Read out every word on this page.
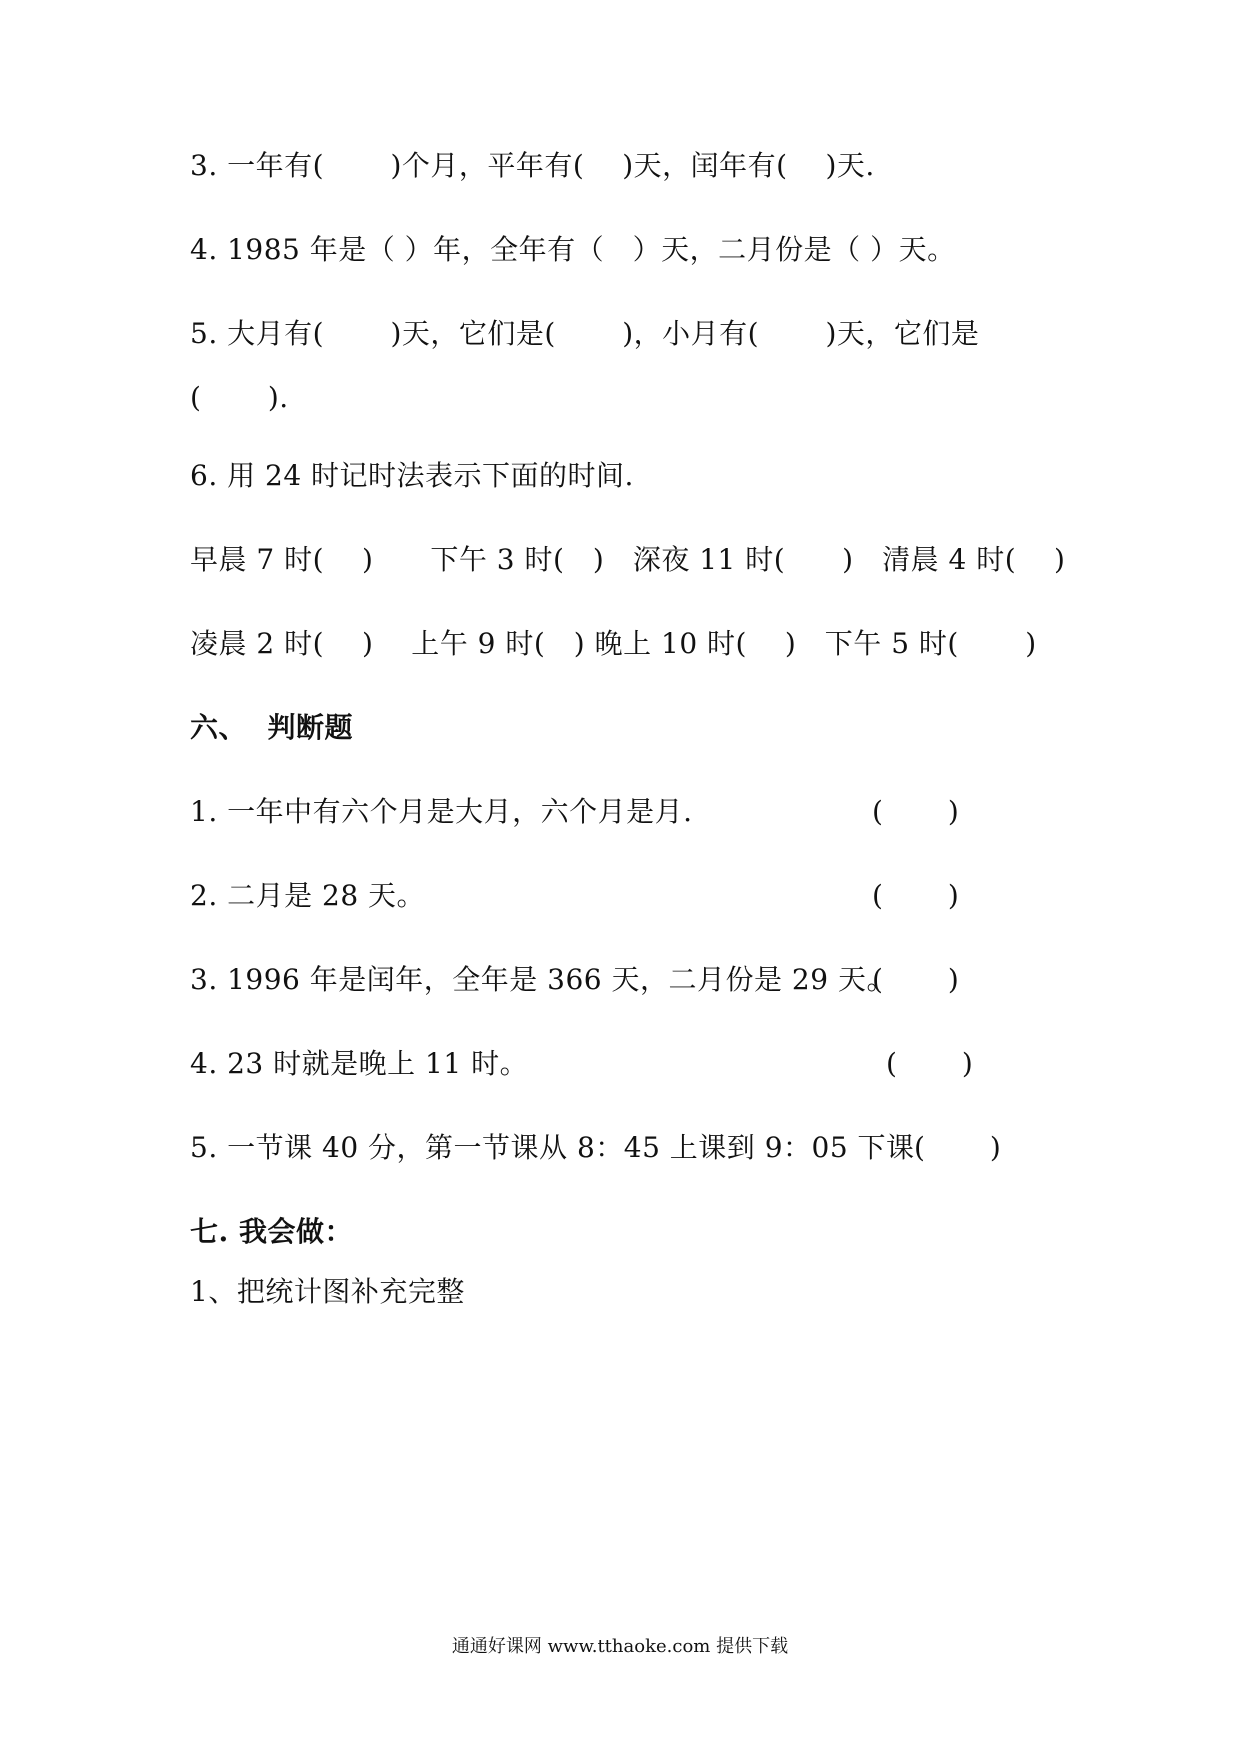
3. 一年有(　　 )个月，平年有(　 )天，闰年有(　 )天.
4. 1985 年是（ ）年，全年有（　）天，二月份是（ ）天。
5. 大月有(　　 )天，它们是(　　 )，小月有(　　 )天，它们是
(　　 ).
6. 用 24 时记时法表示下面的时间.
早晨 7 时(　 )　　下午 3 时(　)　深夜 11 时(　　)　清晨 4 时(　 )
凌晨 2 时(　 )　 上午 9 时(　) 晚上 10 时(　 )　下午 5 时(　　 )
六、  判断题
1. 一年中有六个月是大月，六个月是月.	(　　 )
2. 二月是 28 天。	(　　 )
3. 1996 年是闰年，全年是 366 天，二月份是 29 天。
(　　 )
4. 23 时就是晚上 11 时。	(　　 )
5. 一节课 40 分，第一节课从 8：45 上课到 9：05 下课 (　　 )
七. 我会做：
1、把统计图补充完整
通通好课网 www.tthaoke.com 提供下载
